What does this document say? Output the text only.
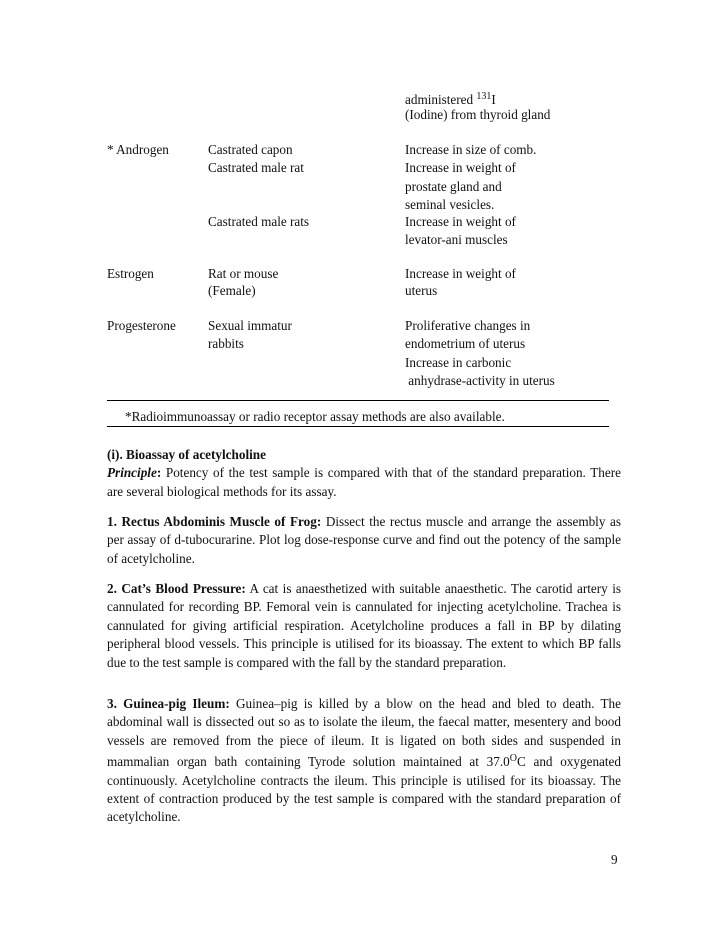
administered $^{131}$I
(Iodine) from thyroid gland
* Androgen	Castrated capon	Increase in size of comb.
Castrated male rat	Increase in weight of
prostate gland and
seminal vesicles.
Castrated male rats	Increase in weight of
levator-ani muscles
Estrogen	Rat or mouse	Increase in weight of
(Female)	uterus
Progesterone Sexual immatur	Proliferative changes in
rabbits	endometrium of uterus
Increase in carbonic
anhydrase-activity in uterus
*Radioimmunoassay or radio receptor assay methods are also available.

(i). Bioassay of acetylcholine
Principle: Potency of the test sample is compared with that of the standard preparation. There are several biological methods for its assay.

1. Rectus Abdominis Muscle of Frog: Dissect the rectus muscle and arrange the assembly as per assay of d-tubocurarine. Plot log dose-response curve and find out the potency of the sample of acetylcholine.

2. Cat’s Blood Pressure: A cat is anaesthetized with suitable anaesthetic. The carotid artery is cannulated for recording BP. Femoral vein is cannulated for injecting acetylcholine. Trachea is cannulated for giving artificial respiration. Acetylcholine produces a fall in BP by dilating peripheral blood vessels. This principle is utilised for its bioassay. The extent to which BP falls due to the test sample is compared with the fall by the standard preparation.

3. Guinea-pig Ileum: Guinea–pig is killed by a blow on the head and bled to death. The abdominal wall is dissected out so as to isolate the ileum, the faecal matter, mesentery and bood vessels are removed from the piece of ileum. It is ligated on both sides and suspended in mammalian organ bath containing Tyrode solution maintained at $37.0^OC$ and oxygenated continuously. Acetylcholine contracts the ileum. This principle is utilised for its bioassay. The extent of contraction produced by the test sample is compared with the standard preparation of acetylcholine.

9
